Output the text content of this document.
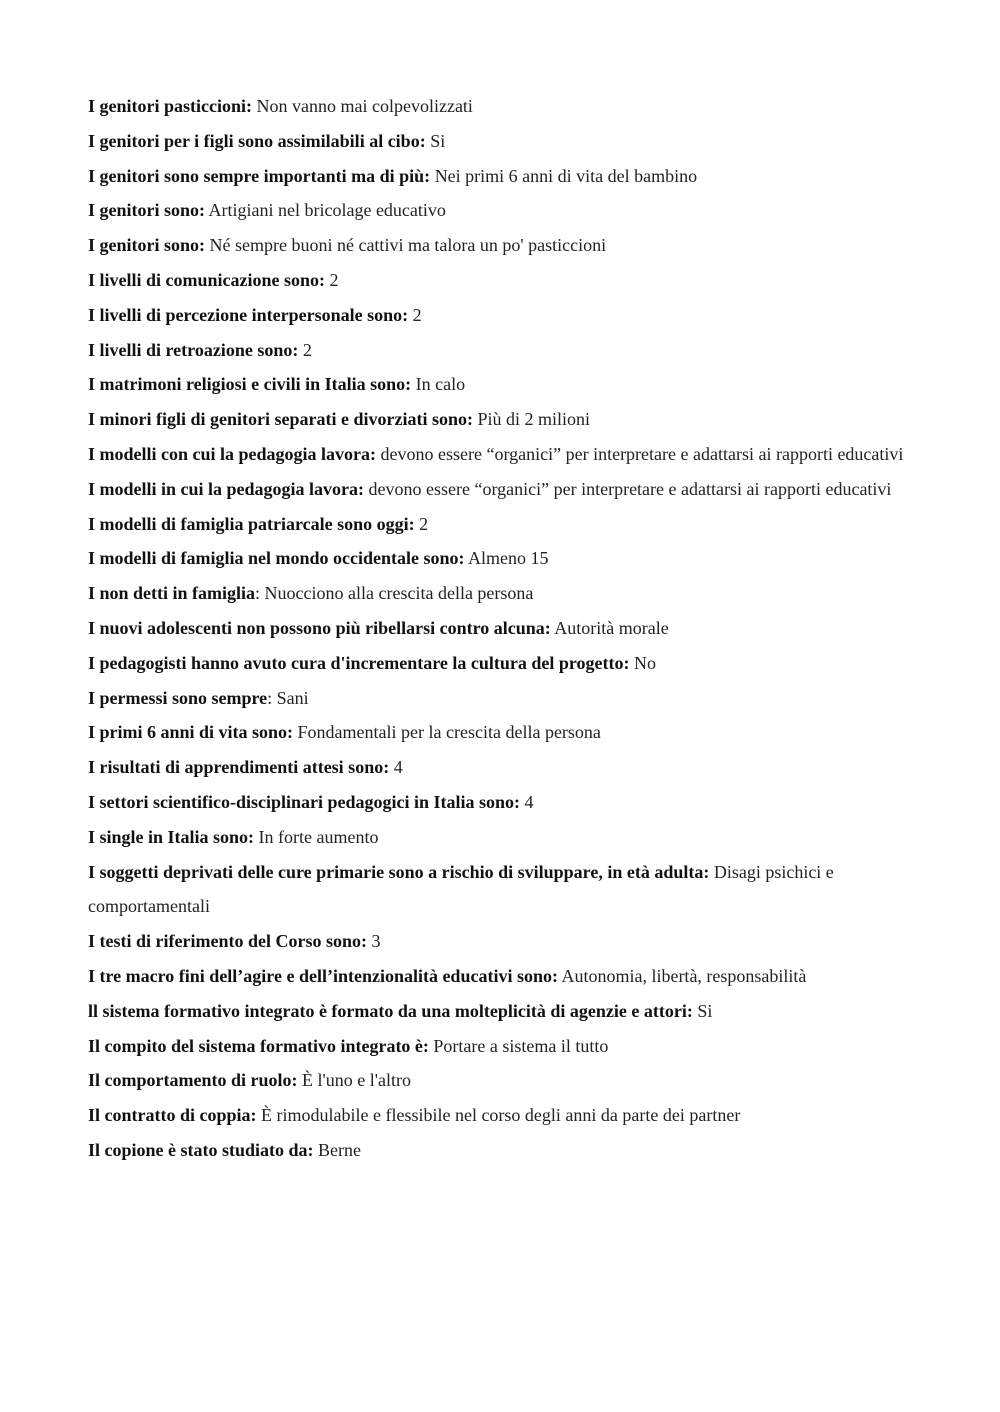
I genitori pasticcioni: Non vanno mai colpevolizzati

I genitori per i figli sono assimilabili al cibo: Si

I genitori sono sempre importanti ma di più: Nei primi 6 anni di vita del bambino

I genitori sono: Artigiani nel bricolage educativo

I genitori sono: Né sempre buoni né cattivi ma talora un po' pasticcioni

I livelli di comunicazione sono: 2

I livelli di percezione interpersonale sono: 2

I livelli di retroazione sono: 2

I matrimoni religiosi e civili in Italia sono: In calo

I minori figli di genitori separati e divorziati sono: Più di 2 milioni

I modelli con cui la pedagogia lavora: devono essere “organici” per interpretare e adattarsi ai rapporti educativi

I modelli in cui la pedagogia lavora: devono essere “organici” per interpretare e adattarsi ai rapporti educativi

I modelli di famiglia patriarcale sono oggi: 2

I modelli di famiglia nel mondo occidentale sono: Almeno 15

I non detti in famiglia: Nuocciono alla crescita della persona

I nuovi adolescenti non possono più ribellarsi contro alcuna: Autorità morale

I pedagogisti hanno avuto cura d'incrementare la cultura del progetto: No

I permessi sono sempre: Sani

I primi 6 anni di vita sono: Fondamentali per la crescita della persona

I risultati di apprendimenti attesi sono: 4

I settori scientifico-disciplinari pedagogici in Italia sono: 4

I single in Italia sono: In forte aumento

I soggetti deprivati delle cure primarie sono a rischio di sviluppare, in età adulta: Disagi psichici e comportamentali

I testi di riferimento del Corso sono: 3

I tre macro fini dell’agire e dell’intenzionalità educativi sono: Autonomia, libertà, responsabilità

ll sistema formativo integrato è formato da una molteplicità di agenzie e attori: Si

Il compito del sistema formativo integrato è: Portare a sistema il tutto

Il comportamento di ruolo: È l'uno e l'altro

Il contratto di coppia: È rimodulabile e flessibile nel corso degli anni da parte dei partner

Il copione è stato studiato da: Berne
